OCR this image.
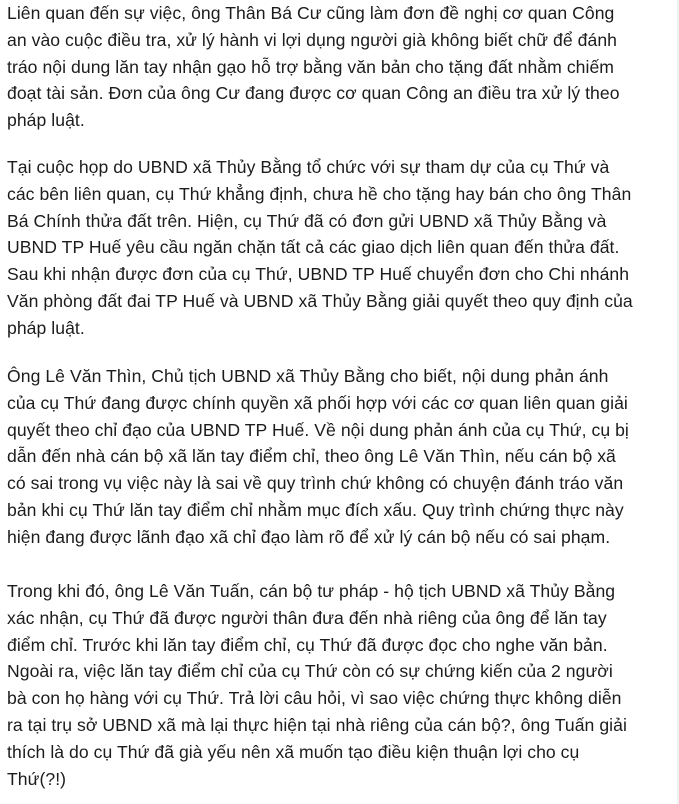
Liên quan đến sự việc, ông Thân Bá Cư cũng làm đơn đề nghị cơ quan Công
an vào cuộc điều tra, xử lý hành vi lợi dụng người già không biết chữ để đánh
tráo nội dung lăn tay nhận gạo hỗ trợ bằng văn bản cho tặng đất nhằm chiếm
đoạt tài sản. Đơn của ông Cư đang được cơ quan Công an điều tra xử lý theo
pháp luật.
Tại cuộc họp do UBND xã Thủy Bằng tổ chức với sự tham dự của cụ Thứ và
các bên liên quan, cụ Thứ khẳng định, chưa hề cho tặng hay bán cho ông Thân
Bá Chính thửa đất trên. Hiện, cụ Thứ đã có đơn gửi UBND xã Thủy Bằng và
UBND TP Huế yêu cầu ngăn chặn tất cả các giao dịch liên quan đến thửa đất.
Sau khi nhận được đơn của cụ Thứ, UBND TP Huế chuyển đơn cho Chi nhánh
Văn phòng đất đai TP Huế và UBND xã Thủy Bằng giải quyết theo quy định của
pháp luật.
Ông Lê Văn Thìn, Chủ tịch UBND xã Thủy Bằng cho biết, nội dung phản ánh
của cụ Thứ đang được chính quyền xã phối hợp với các cơ quan liên quan giải
quyết theo chỉ đạo của UBND TP Huế. Về nội dung phản ánh của cụ Thứ, cụ bị
dẫn đến nhà cán bộ xã lăn tay điểm chỉ, theo ông Lê Văn Thìn, nếu cán bộ xã
có sai trong vụ việc này là sai về quy trình chứ không có chuyện đánh tráo văn
bản khi cụ Thứ lăn tay điểm chỉ nhằm mục đích xấu. Quy trình chứng thực này
hiện đang được lãnh đạo xã chỉ đạo làm rõ để xử lý cán bộ nếu có sai phạm.
Trong khi đó, ông Lê Văn Tuấn, cán bộ tư pháp - hộ tịch UBND xã Thủy Bằng
xác nhận, cụ Thứ đã được người thân đưa đến nhà riêng của ông để lăn tay
điểm chỉ. Trước khi lăn tay điểm chỉ, cụ Thứ đã được đọc cho nghe văn bản.
Ngoài ra, việc lăn tay điểm chỉ của cụ Thứ còn có sự chứng kiến của 2 người
bà con họ hàng với cụ Thứ. Trả lời câu hỏi, vì sao việc chứng thực không diễn
ra tại trụ sở UBND xã mà lại thực hiện tại nhà riêng của cán bộ?, ông Tuấn giải
thích là do cụ Thứ đã già yếu nên xã muốn tạo điều kiện thuận lợi cho cụ
Thứ(?!)
